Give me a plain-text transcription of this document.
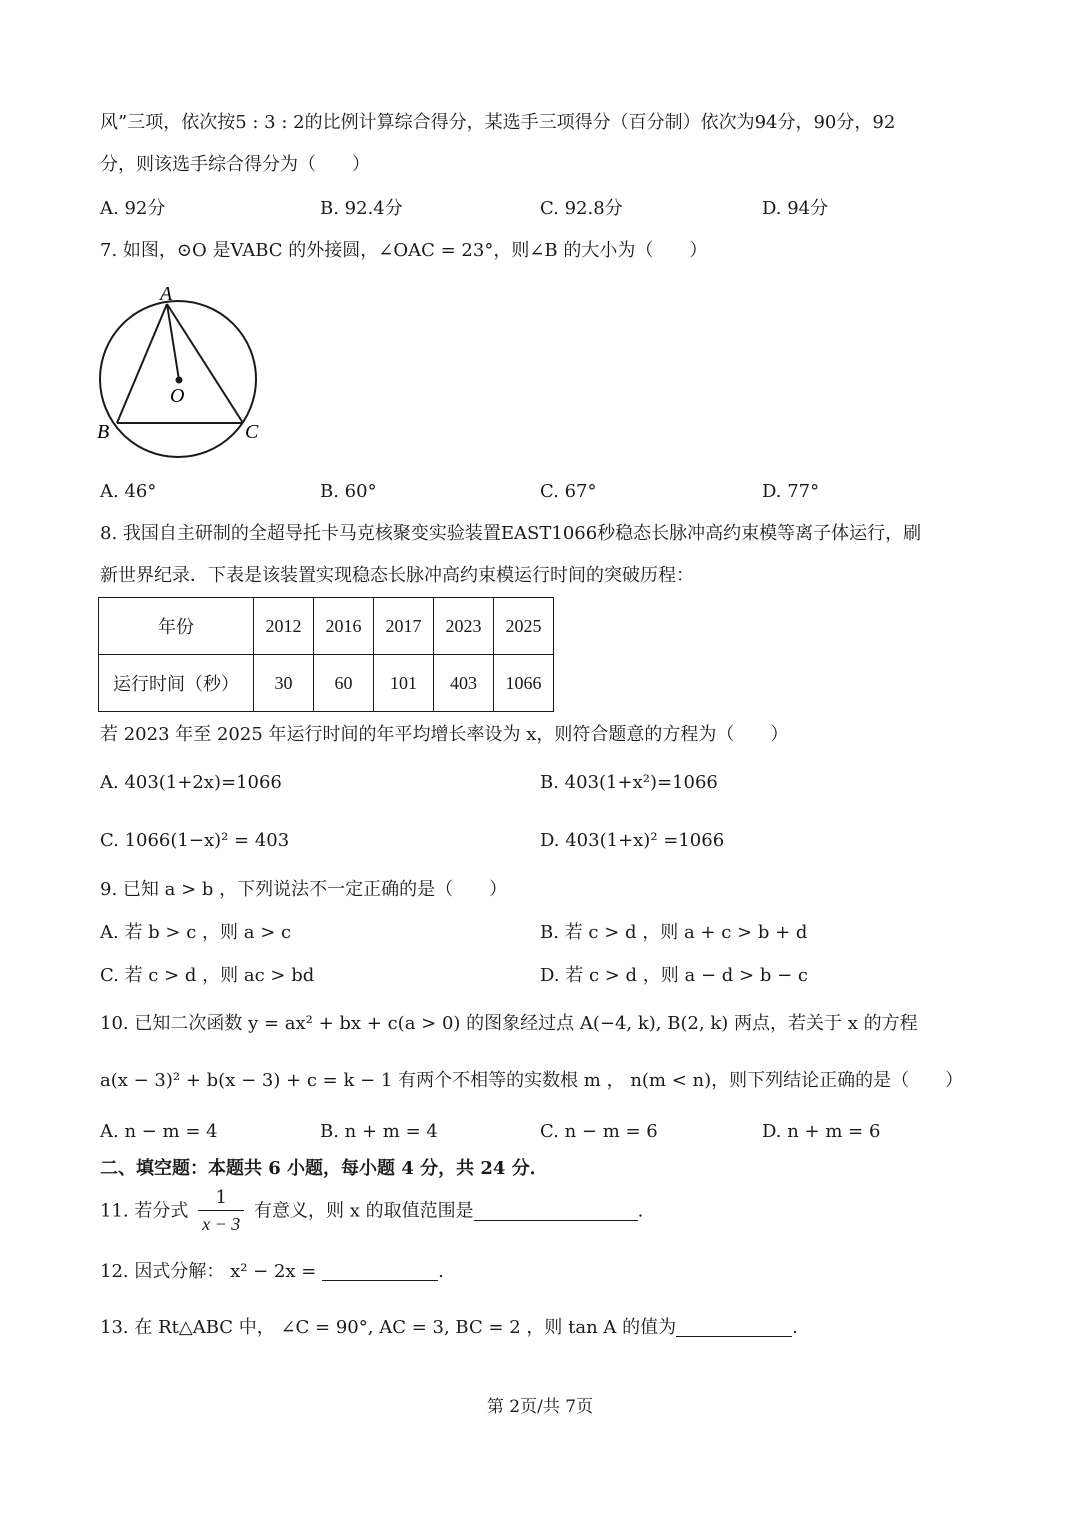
风”三项，依次按5 : 3 : 2的比例计算综合得分，某选手三项得分（百分制）依次为94分，90分，92
分，则该选手综合得分为（　　）
A. 92分	B. 92.4分	C. 92.8分	D. 94分
7. 如图，⊙O 是VABC 的外接圆，∠OAC = 23°，则∠B 的大小为（　　）
A
O
B	C
A. 46°	B. 60°	C. 67°	D. 77°
8. 我国自主研制的全超导托卡马克核聚变实验装置EAST1066秒稳态长脉冲高约束模等离子体运行，刷
新世界纪录．下表是该装置实现稳态长脉冲高约束模运行时间的突破历程：
年份	2012	2016	2017	2023	2025
运行时间（秒）	30	60	101	403	1066
若 2023 年至 2025 年运行时间的年平均增长率设为 x，则符合题意的方程为（　　）
A. 403(1+2x)=1066	B. 403(1+x²)=1066
C. 1066(1−x)² = 403	D. 403(1+x)² =1066
9. 已知 a > b ，下列说法不一定正确的是（　　）
A. 若 b > c ，则 a > c	B. 若 c > d ，则 a + c > b + d
C. 若 c > d ，则 ac > bd	D. 若 c > d ，则 a − d > b − c
10. 已知二次函数 y = ax² + bx + c(a > 0) 的图象经过点 A(−4, k), B(2, k) 两点，若关于 x 的方程
a(x − 3)² + b(x − 3) + c = k − 1 有两个不相等的实数根 m ， n(m < n)，则下列结论正确的是（　　）
A. n − m = 4	B. n + m = 4	C. n − m = 6	D. n + m = 6
二、填空题：本题共 6 小题，每小题 4 分，共 24 分．
11. 若分式 $\frac{1}{x - 3}$ 有意义，则 x 的取值范围是	.
12. 因式分解： x² − 2x =	.
13. 在 Rt△ABC 中， ∠C = 90°, AC = 3, BC = 2 ，则 tan A 的值为	.
第 2页/共 7页
